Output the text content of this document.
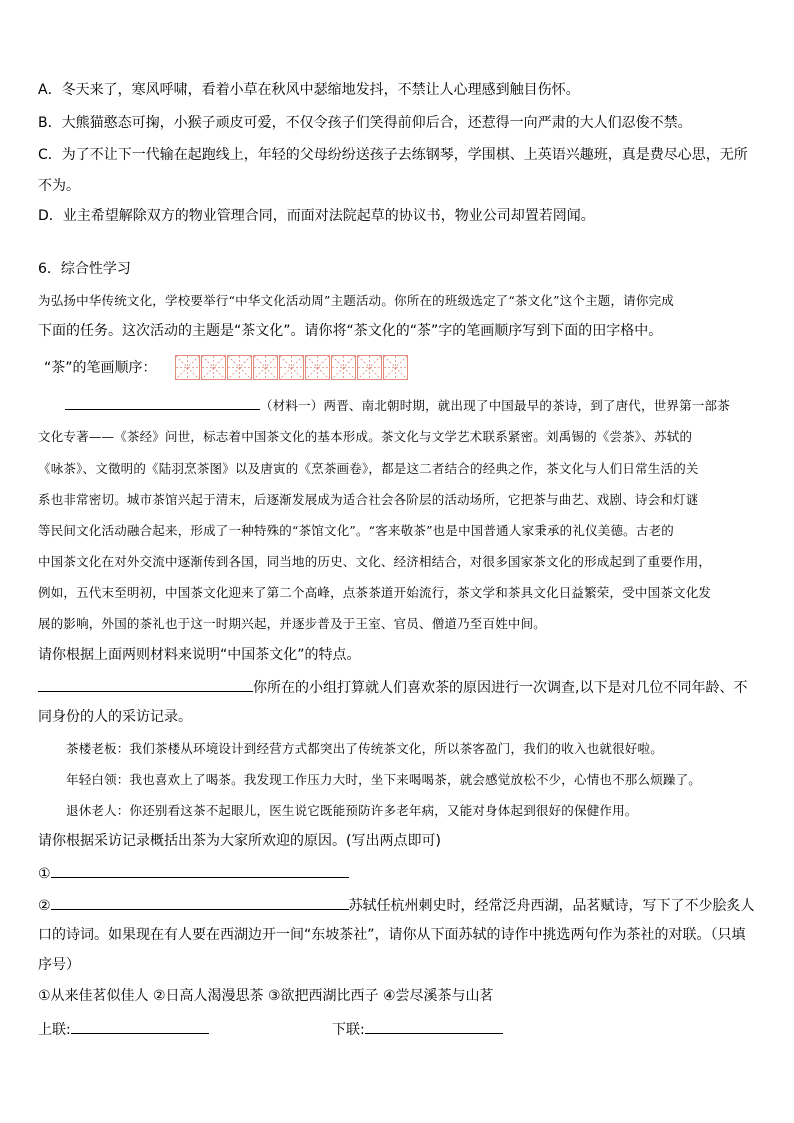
A．冬天来了，寒风呼啸，看着小草在秋风中瑟缩地发抖，不禁让人心理感到触目伤怀。
B．大熊猫憨态可掬，小猴子顽皮可爱，不仅令孩子们笑得前仰后合，还惹得一向严肃的大人们忍俊不禁。
C．为了不让下一代输在起跑线上，年轻的父母纷纷送孩子去练钢琴，学围棋、上英语兴趣班，真是费尽心思，无所
不为。
D．业主希望解除双方的物业管理合同，而面对法院起草的协议书，物业公司却置若罔闻。
6．综合性学习
为弘扬中华传统文化，学校要举行“中华文化活动周”主题活动。你所在的班级选定了“茶文化”这个主题，请你完成
下面的任务。这次活动的主题是“茶文化”。请你将“茶文化的“茶”字的笔画顺序写到下面的田字格中。
“茶”的笔画顺序：
（材料一）两晋、南北朝时期，就出现了中国最早的茶诗，到了唐代，世界第一部茶
文化专著——《茶经》问世，标志着中国茶文化的基本形成。茶文化与文学艺术联系紧密。刘禹锡的《尝茶》、苏轼的
《咏茶》、文徵明的《陆羽烹茶图》以及唐寅的《烹茶画卷》，都是这二者结合的经典之作，茶文化与人们日常生活的关
系也非常密切。城市茶馆兴起于清末，后逐渐发展成为适合社会各阶层的活动场所，它把茶与曲艺、戏剧、诗会和灯谜
等民间文化活动融合起来，形成了一种特殊的“茶馆文化”。“客来敬茶”也是中国普通人家秉承的礼仪美德。古老的
中国茶文化在对外交流中逐渐传到各国，同当地的历史、文化、经济相结合，对很多国家茶文化的形成起到了重要作用，
例如，五代末至明初，中国茶文化迎来了第二个高峰，点茶茶道开始流行，茶文学和茶具文化日益繁荣，受中国茶文化发
展的影响，外国的茶礼也于这一时期兴起，并逐步普及于王室、官员、僧道乃至百姓中间。
请你根据上面两则材料来说明“中国茶文化”的特点。
你所在的小组打算就人们喜欢茶的原因进行一次调查,以下是对几位不同年龄、不
同身份的人的采访记录。
茶楼老板：我们茶楼从环境设计到经营方式都突出了传统茶文化，所以茶客盈门，我们的收入也就很好啦。
年轻白领：我也喜欢上了喝茶。我发现工作压力大时，坐下来喝喝茶，就会感觉放松不少，心情也不那么烦躁了。
退休老人：你还别看这茶不起眼儿，医生说它既能预防许多老年病，又能对身体起到很好的保健作用。
请你根据采访记录概括出茶为大家所欢迎的原因。(写出两点即可)
①
②	苏轼任杭州刺史时，经常泛舟西湖，品茗赋诗，写下了不少脍炙人
口的诗词。如果现在有人要在西湖边开一间“东坡茶社”，请你从下面苏轼的诗作中挑选两句作为茶社的对联。（只填
序号）
①从来佳茗似佳人 ②日高人渴漫思茶 ③欲把西湖比西子 ④尝尽溪茶与山茗
上联:	下联:
